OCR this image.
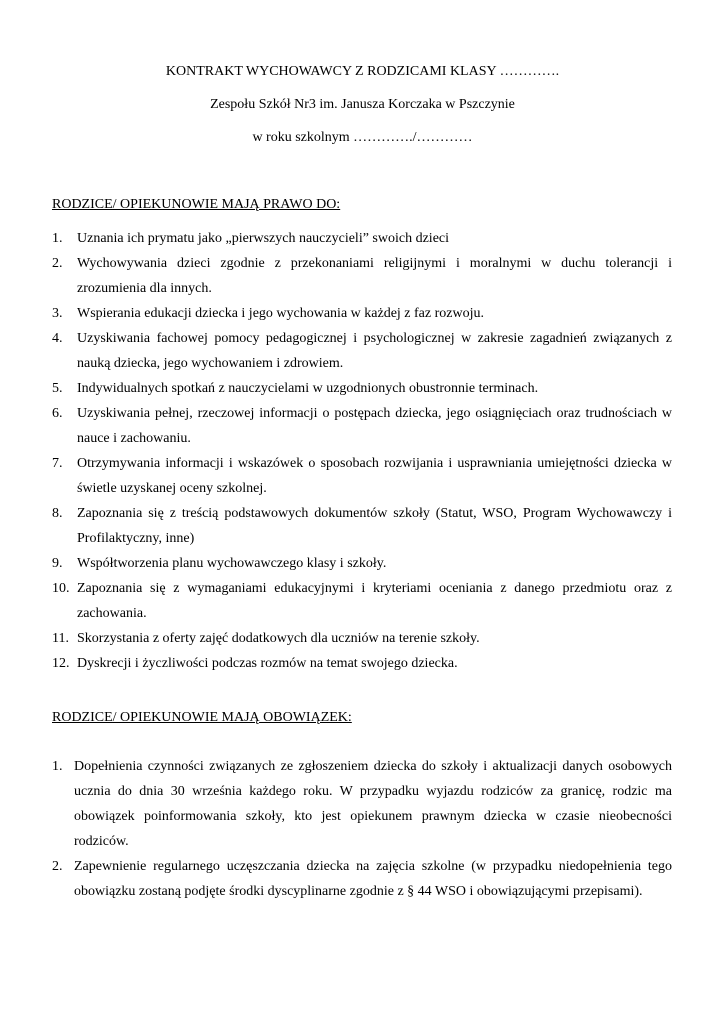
KONTRAKT WYCHOWAWCY Z RODZICAMI KLASY ………….
Zespołu Szkół Nr3 im. Janusza Korczaka w Pszczynie
w roku szkolnym …………./…………
RODZICE/ OPIEKUNOWIE MAJĄ PRAWO DO:
1. Uznania ich prymatu jako „pierwszych nauczycieli” swoich dzieci
2. Wychowywania dzieci zgodnie z przekonaniami religijnymi i moralnymi w duchu tolerancji i zrozumienia dla innych.
3. Wspierania edukacji dziecka i jego wychowania w każdej z faz rozwoju.
4. Uzyskiwania fachowej pomocy pedagogicznej i psychologicznej w zakresie zagadnień związanych z nauką dziecka, jego wychowaniem i zdrowiem.
5. Indywidualnych spotkań z nauczycielami w uzgodnionych obustronnie terminach.
6. Uzyskiwania pełnej, rzeczowej informacji o postępach dziecka, jego osiągnięciach oraz trudnościach w nauce i zachowaniu.
7. Otrzymywania informacji i wskazówek o sposobach rozwijania i usprawniania umiejętności dziecka w świetle uzyskanej oceny szkolnej.
8. Zapoznania się z treścią podstawowych dokumentów szkoły (Statut, WSO, Program Wychowawczy i Profilaktyczny, inne)
9. Współtworzenia planu wychowawczego klasy i szkoły.
10. Zapoznania się z wymaganiami edukacyjnymi i kryteriami oceniania z danego przedmiotu oraz z zachowania.
11. Skorzystania z oferty zajęć dodatkowych dla uczniów na terenie szkoły.
12. Dyskrecji i życzliwości podczas rozmów na temat swojego dziecka.
RODZICE/ OPIEKUNOWIE MAJĄ OBOWIĄZEK:
1. Dopełnienia czynności związanych ze zgłoszeniem dziecka do szkoły i aktualizacji danych osobowych ucznia do dnia 30 września każdego roku. W przypadku wyjazdu rodziców za granicę, rodzic ma obowiązek poinformowania szkoły, kto jest opiekunem prawnym dziecka w czasie nieobecności rodziców.
2. Zapewnienie regularnego uczęszczania dziecka na zajęcia szkolne (w przypadku niedopełnienia tego obowiązku zostaną podjęte środki dyscyplinarne zgodnie z § 44 WSO i obowiązującymi przepisami).
